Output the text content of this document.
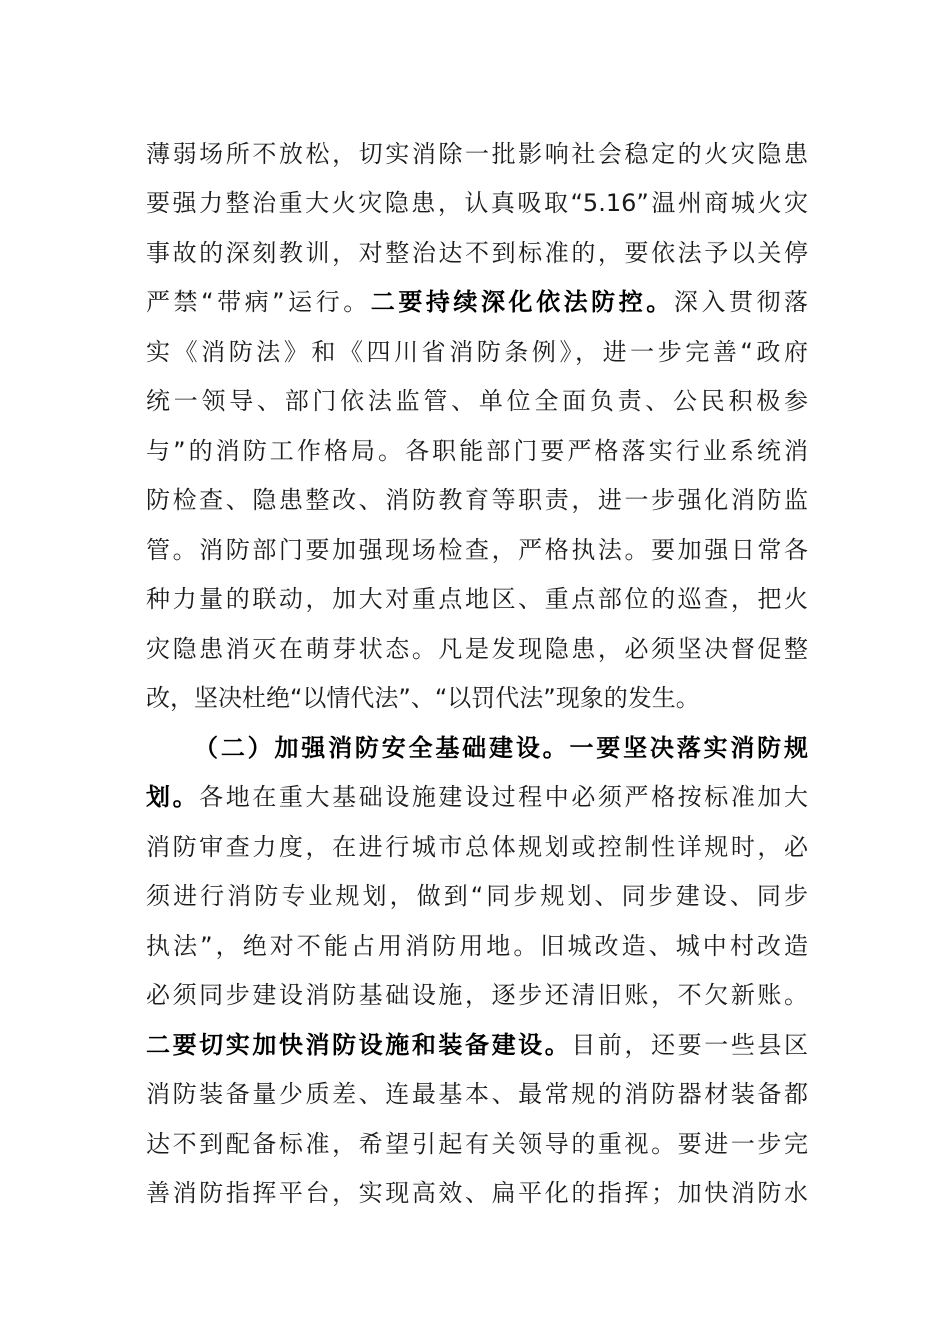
薄弱场所不放松，切实消除一批影响社会稳定的火灾隐患
要强力整治重大火灾隐患，认真吸取“5.16”温州商城火灾
事故的深刻教训，对整治达不到标准的，要依法予以关停
严禁“带病”运行。二要持续深化依法防控。深入贯彻落
实《消防法》和《四川省消防条例》，进一步完善“政府
统一领导、部门依法监管、单位全面负责、公民积极参
与”的消防工作格局。各职能部门要严格落实行业系统消
防检查、隐患整改、消防教育等职责，进一步强化消防监
管。消防部门要加强现场检查，严格执法。要加强日常各
种力量的联动，加大对重点地区、重点部位的巡查，把火
灾隐患消灭在萌芽状态。凡是发现隐患，必须坚决督促整
改，坚决杜绝“以情代法”、“以罚代法”现象的发生。
（二）加强消防安全基础建设。一要坚决落实消防规
划。各地在重大基础设施建设过程中必须严格按标准加大
消防审查力度，在进行城市总体规划或控制性详规时，必
须进行消防专业规划，做到“同步规划、同步建设、同步
执法”，绝对不能占用消防用地。旧城改造、城中村改造
必须同步建设消防基础设施，逐步还清旧账，不欠新账。
二要切实加快消防设施和装备建设。目前，还要一些县区
消防装备量少质差、连最基本、最常规的消防器材装备都
达不到配备标准，希望引起有关领导的重视。要进一步完
善消防指挥平台，实现高效、扁平化的指挥；加快消防水
